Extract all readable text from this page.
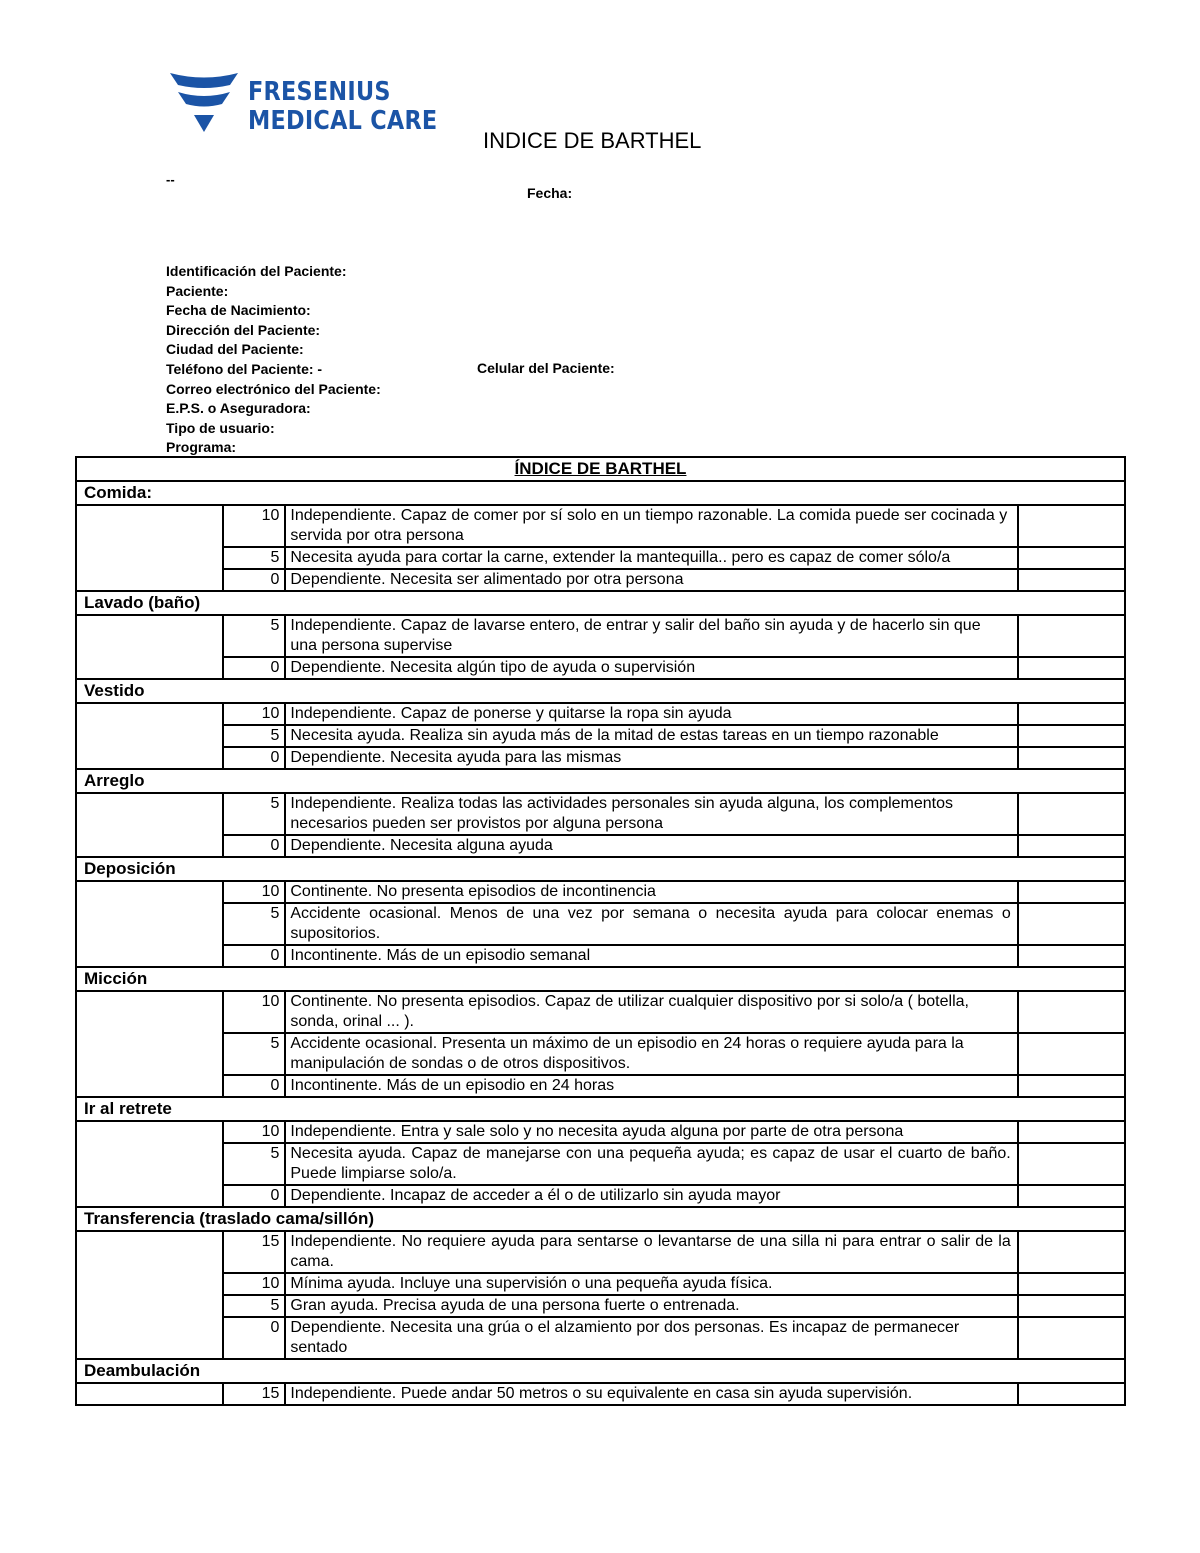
FRESENIUS
MEDICAL CARE
INDICE DE BARTHEL
--
Fecha:
Identificación del Paciente:
Paciente:
Fecha de Nacimiento:
Dirección del Paciente:
Ciudad del Paciente:
Teléfono del Paciente: -
Correo electrónico del Paciente:
E.P.S. o Aseguradora:
Tipo de usuario:
Programa:
Celular del Paciente:
ÍNDICE DE BARTHEL			
Comida:			
	10	Independiente. Capaz de comer por sí solo en un tiempo razonable. La comida puede ser cocinada y servida por otra persona	
	5	Necesita ayuda para cortar la carne, extender la mantequilla.. pero es capaz de comer sólo/a	
	0	Dependiente. Necesita ser alimentado por otra persona	
Lavado (baño)			
	5	Independiente. Capaz de lavarse entero, de entrar y salir del baño sin ayuda y de hacerlo sin que una persona supervise	
	0	Dependiente. Necesita algún tipo de ayuda o supervisión	
Vestido			
	10	Independiente. Capaz de ponerse y quitarse la ropa sin ayuda	
	5	Necesita ayuda. Realiza sin ayuda más de la mitad de estas tareas en un tiempo razonable	
	0	Dependiente. Necesita ayuda para las mismas	
Arreglo			
	5	Independiente. Realiza todas las actividades personales sin ayuda alguna, los complementos necesarios pueden ser provistos por alguna persona	
	0	Dependiente. Necesita alguna ayuda	
Deposición			
	10	Continente. No presenta episodios de incontinencia	
	5	Accidente ocasional. Menos de una vez por semana o necesita ayuda para colocar enemas o supositorios.	
	0	Incontinente. Más de un episodio semanal	
Micción			
	10	Continente. No presenta episodios. Capaz de utilizar cualquier dispositivo por si solo/a ( botella, sonda, orinal ... ).	
	5	Accidente ocasional. Presenta un máximo de un episodio en 24 horas o requiere ayuda para la manipulación de sondas o de otros dispositivos.	
	0	Incontinente. Más de un episodio en 24 horas	
Ir al retrete			
	10	Independiente. Entra y sale solo y no necesita ayuda alguna por parte de otra persona	
	5	Necesita ayuda. Capaz de manejarse con una pequeña ayuda; es capaz de usar el cuarto de baño. Puede limpiarse solo/a.	
	0	Dependiente. Incapaz de acceder a él o de utilizarlo sin ayuda mayor	
Transferencia (traslado cama/sillón)			
	15	Independiente. No requiere ayuda para sentarse o levantarse de una silla ni para entrar o salir de la cama.	
	10	Mínima ayuda. Incluye una supervisión o una pequeña ayuda física.	
	5	Gran ayuda. Precisa ayuda de una persona fuerte o entrenada.	
	0	Dependiente. Necesita una grúa o el alzamiento por dos personas. Es incapaz de permanecer sentado	
Deambulación			
	15	Independiente. Puede andar 50 metros o su equivalente en casa sin ayuda supervisión.	
